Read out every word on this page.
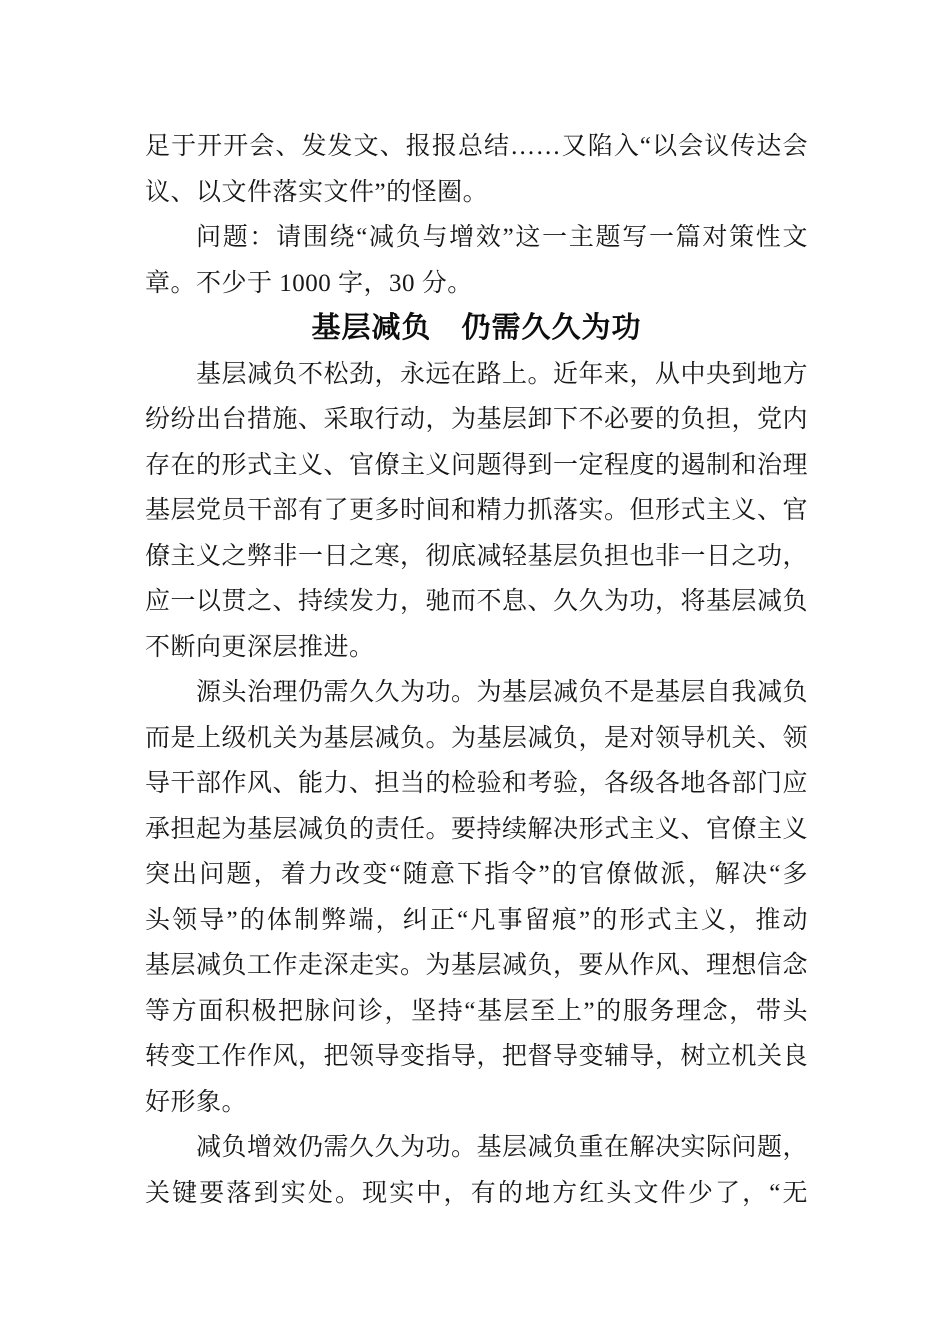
足于开开会、发发文、报报总结……又陷入“以会议传达会
议、以文件落实文件”的怪圈。
问题：请围绕“减负与增效”这一主题写一篇对策性文
章。不少于 1000 字，30 分。
基层减负　仍需久久为功
基层减负不松劲，永远在路上。近年来，从中央到地方
纷纷出台措施、采取行动，为基层卸下不必要的负担，党内
存在的形式主义、官僚主义问题得到一定程度的遏制和治理
基层党员干部有了更多时间和精力抓落实。但形式主义、官
僚主义之弊非一日之寒，彻底减轻基层负担也非一日之功，
应一以贯之、持续发力，驰而不息、久久为功，将基层减负
不断向更深层推进。
源头治理仍需久久为功。为基层减负不是基层自我减负
而是上级机关为基层减负。为基层减负，是对领导机关、领
导干部作风、能力、担当的检验和考验，各级各地各部门应
承担起为基层减负的责任。要持续解决形式主义、官僚主义
突出问题，着力改变“随意下指令”的官僚做派，解决“多
头领导”的体制弊端，纠正“凡事留痕”的形式主义，推动
基层减负工作走深走实。为基层减负，要从作风、理想信念
等方面积极把脉问诊，坚持“基层至上”的服务理念，带头
转变工作作风，把领导变指导，把督导变辅导，树立机关良
好形象。
减负增效仍需久久为功。基层减负重在解决实际问题，
关键要落到实处。现实中，有的地方红头文件少了，“无
